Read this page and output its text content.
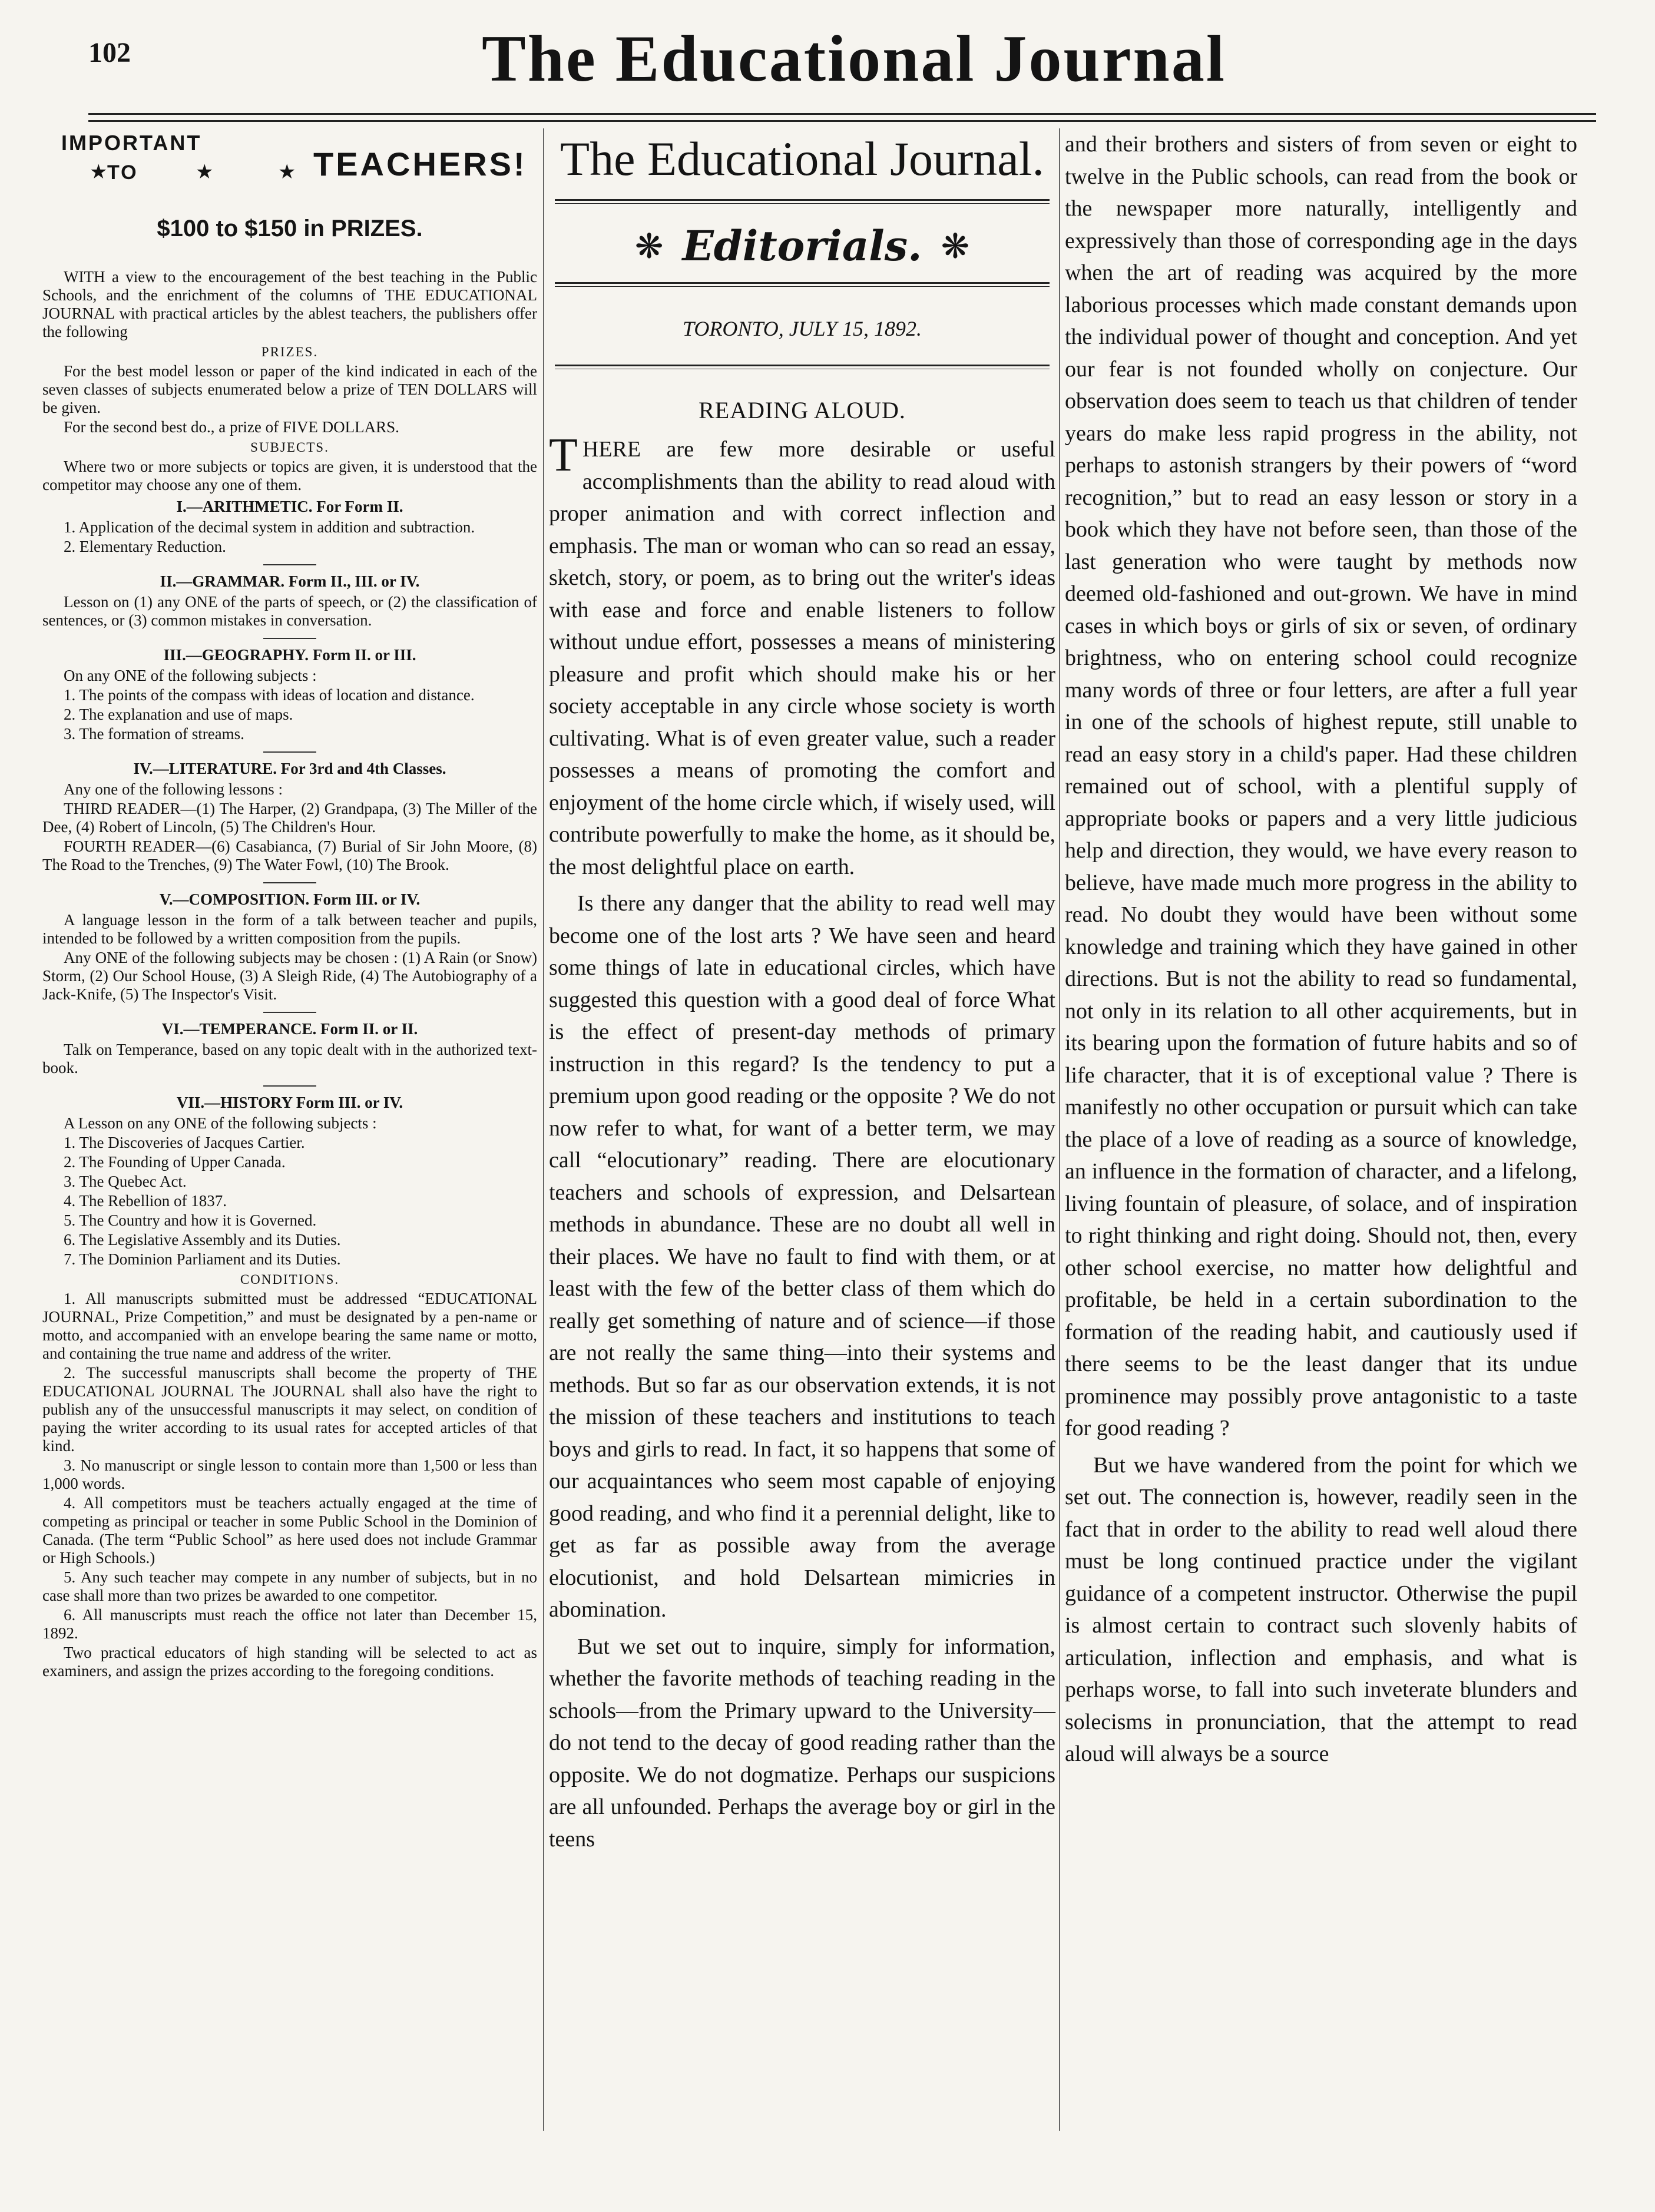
102	The Educational Journal
IMPORTANT
★ TO	★	★ TEACHERS!
$100 to $150 in PRIZES.

WITH a view to the encouragement of the best teaching in the Public Schools, and the enrichment of the columns of THE EDUCATIONAL JOURNAL with practical articles by the ablest teachers, the publishers offer the following

PRIZES.

For the best model lesson or paper of the kind indicated in each of the seven classes of subjects enumerated below a prize of TEN DOLLARS will be given.

For the second best do., a prize of FIVE DOLLARS.

SUBJECTS.

Where two or more subjects or topics are given, it is understood that the competitor may choose any one of them.

I.—ARITHMETIC. For Form II.

1. Application of the decimal system in addition and subtraction.

2. Elementary Reduction.

II.—GRAMMAR. Form II., III. or IV.

Lesson on (1) any ONE of the parts of speech, or (2) the classification of sentences, or (3) common mistakes in conversation.

III.—GEOGRAPHY. Form II. or III.

On any ONE of the following subjects :

1. The points of the compass with ideas of location and distance.

2. The explanation and use of maps.

3. The formation of streams.

IV.—LITERATURE. For 3rd and 4th Classes.

Any one of the following lessons :

THIRD READER—(1) The Harper, (2) Grandpapa, (3) The Miller of the Dee, (4) Robert of Lincoln, (5) The Children's Hour.

FOURTH READER—(6) Casabianca, (7) Burial of Sir John Moore, (8) The Road to the Trenches, (9) The Water Fowl, (10) The Brook.

V.—COMPOSITION. Form III. or IV.

A language lesson in the form of a talk between teacher and pupils, intended to be followed by a written composition from the pupils.

Any ONE of the following subjects may be chosen : (1) A Rain (or Snow) Storm, (2) Our School House, (3) A Sleigh Ride, (4) The Autobiography of a Jack-Knife, (5) The Inspector's Visit.

VI.—TEMPERANCE. Form II. or II.

Talk on Temperance, based on any topic dealt with in the authorized text-book.

VII.—HISTORY Form III. or IV.

A Lesson on any ONE of the following subjects :

1. The Discoveries of Jacques Cartier.

2. The Founding of Upper Canada.

3. The Quebec Act.

4. The Rebellion of 1837.

5. The Country and how it is Governed.

6. The Legislative Assembly and its Duties.

7. The Dominion Parliament and its Duties.

CONDITIONS.

1. All manuscripts submitted must be addressed “EDUCATIONAL JOURNAL, Prize Competition,” and must be designated by a pen-name or motto, and accompanied with an envelope bearing the same name or motto, and containing the true name and address of the writer.

2. The successful manuscripts shall become the property of THE EDUCATIONAL JOURNAL The JOURNAL shall also have the right to publish any of the unsuccessful manuscripts it may select, on condition of paying the writer according to its usual rates for accepted articles of that kind.

3. No manuscript or single lesson to contain more than 1,500 or less than 1,000 words.

4. All competitors must be teachers actually engaged at the time of competing as principal or teacher in some Public School in the Dominion of Canada. (The term “Public School” as here used does not include Grammar or High Schools.)

5. Any such teacher may compete in any number of subjects, but in no case shall more than two prizes be awarded to one competitor.

6. All manuscripts must reach the office not later than December 15, 1892.

Two practical educators of high standing will be selected to act as examiners, and assign the prizes according to the foregoing conditions.

The Educational Journal.
❋ Editorials. ❋
TORONTO, JULY 15, 1892.
READING ALOUD.

THERE are few more desirable or useful accomplishments than the ability to read aloud with proper animation and with correct inflection and emphasis. The man or woman who can so read an essay, sketch, story, or poem, as to bring out the writer's ideas with ease and force and enable listeners to follow without undue effort, possesses a means of ministering pleasure and profit which should make his or her society acceptable in any circle whose society is worth cultivating. What is of even greater value, such a reader possesses a means of promoting the comfort and enjoyment of the home circle which, if wisely used, will contribute powerfully to make the home, as it should be, the most delightful place on earth.

Is there any danger that the ability to read well may become one of the lost arts ? We have seen and heard some things of late in educational circles, which have suggested this question with a good deal of force What is the effect of present-day methods of primary instruction in this regard? Is the tendency to put a premium upon good reading or the opposite ? We do not now refer to what, for want of a better term, we may call “elocutionary” reading. There are elocutionary teachers and schools of expression, and Delsartean methods in abundance. These are no doubt all well in their places. We have no fault to find with them, or at least with the few of the better class of them which do really get something of nature and of science—if those are not really the same thing—into their systems and methods. But so far as our observation extends, it is not the mission of these teachers and institutions to teach boys and girls to read. In fact, it so happens that some of our acquaintances who seem most capable of enjoying good reading, and who find it a perennial delight, like to get as far as possible away from the average elocutionist, and hold Delsartean mimicries in abomination.

But we set out to inquire, simply for information, whether the favorite methods of teaching reading in the schools—from the Primary upward to the University—do not tend to the decay of good reading rather than the opposite. We do not dogmatize. Perhaps our suspicions are all unfounded. Perhaps the average boy or girl in the teens

and their brothers and sisters of from seven or eight to twelve in the Public schools, can read from the book or the newspaper more naturally, intelligently and expressively than those of corresponding age in the days when the art of reading was acquired by the more laborious processes which made constant demands upon the individual power of thought and conception. And yet our fear is not founded wholly on conjecture. Our observation does seem to teach us that children of tender years do make less rapid progress in the ability, not perhaps to astonish strangers by their powers of “word recognition,” but to read an easy lesson or story in a book which they have not before seen, than those of the last generation who were taught by methods now deemed old-fashioned and out-grown. We have in mind cases in which boys or girls of six or seven, of ordinary brightness, who on entering school could recognize many words of three or four letters, are after a full year in one of the schools of highest repute, still unable to read an easy story in a child's paper. Had these children remained out of school, with a plentiful supply of appropriate books or papers and a very little judicious help and direction, they would, we have every reason to believe, have made much more progress in the ability to read. No doubt they would have been without some knowledge and training which they have gained in other directions. But is not the ability to read so fundamental, not only in its relation to all other acquirements, but in its bearing upon the formation of future habits and so of life character, that it is of exceptional value ? There is manifestly no other occupation or pursuit which can take the place of a love of reading as a source of knowledge, an influence in the formation of character, and a lifelong, living fountain of pleasure, of solace, and of inspiration to right thinking and right doing. Should not, then, every other school exercise, no matter how delightful and profitable, be held in a certain subordination to the formation of the reading habit, and cautiously used if there seems to be the least danger that its undue prominence may possibly prove antagonistic to a taste for good reading ?

But we have wandered from the point for which we set out. The connection is, however, readily seen in the fact that in order to the ability to read well aloud there must be long continued practice under the vigilant guidance of a competent instructor. Otherwise the pupil is almost certain to contract such slovenly habits of articulation, inflection and emphasis, and what is perhaps worse, to fall into such inveterate blunders and solecisms in pronunciation, that the attempt to read aloud will always be a source
